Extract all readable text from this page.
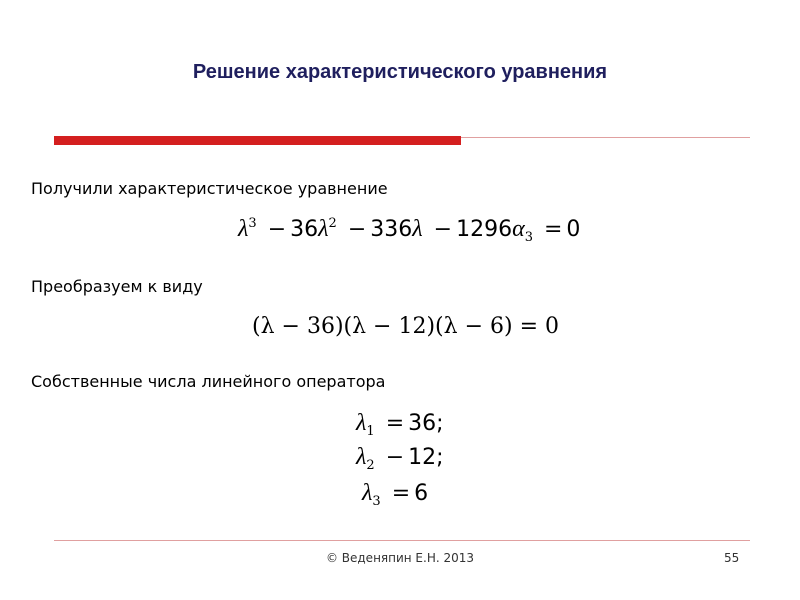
Решение характеристического уравнения
Получили характеристическое уравнение
$\lambda^3 - 36\lambda^2 - 336\lambda - 1296\alpha_3 = 0$
Преобразуем к виду
(λ − 36)(λ − 12)(λ − 6) = 0
Собственные числа линейного оператора
$\lambda_1 = 36$;
$\lambda_2 - 12$;
$\lambda_3 = 6$
© Веденяпин Е.Н. 2013	55
